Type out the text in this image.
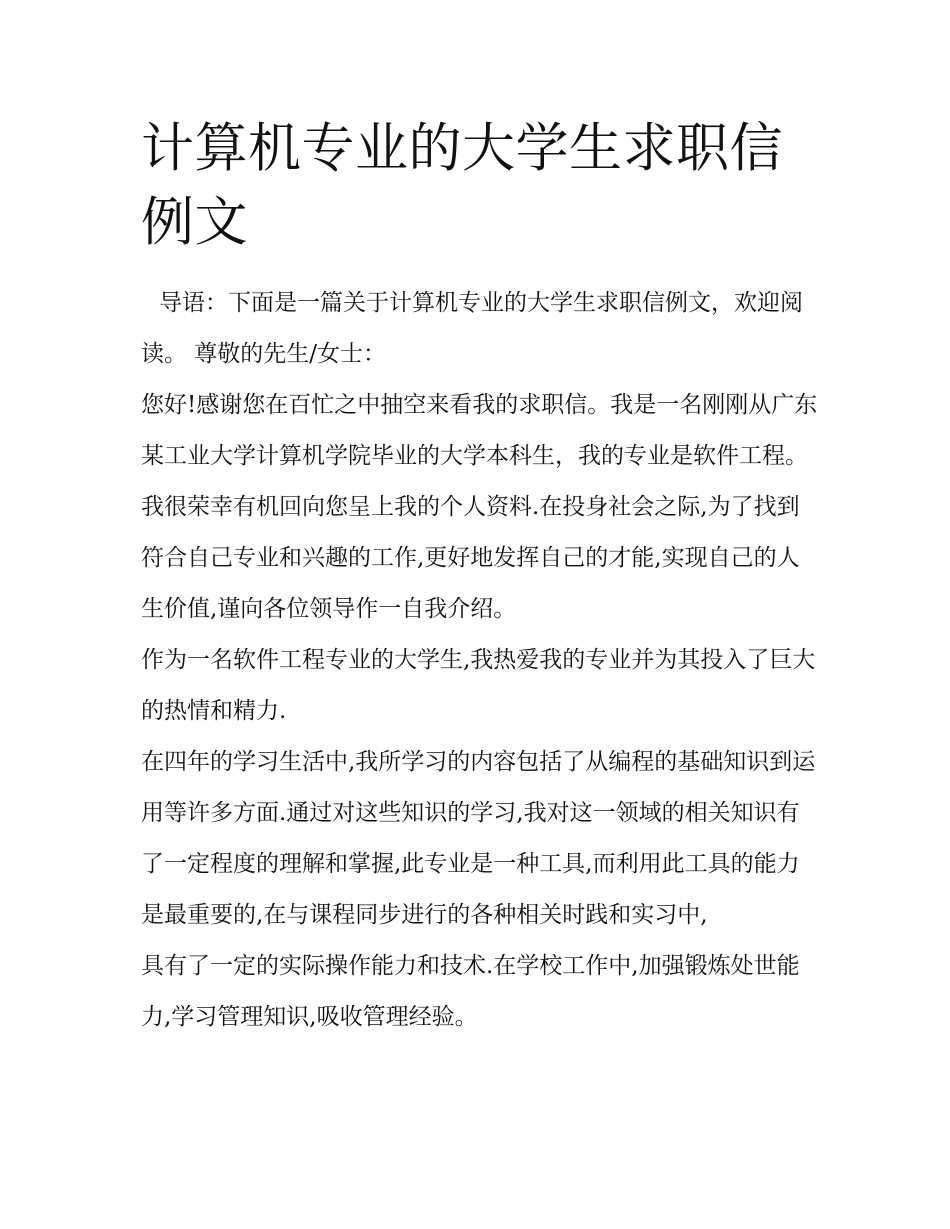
计算机专业的大学生求职信例文

导语：下面是一篇关于计算机专业的大学生求职信例文，欢迎阅读。 尊敬的先生/女士：

您好!感谢您在百忙之中抽空来看我的求职信。我是一名刚刚从广东某工业大学计算机学院毕业的大学本科生，我的专业是软件工程。我很荣幸有机回向您呈上我的个人资料.在投身社会之际,为了找到符合自己专业和兴趣的工作,更好地发挥自己的才能,实现自己的人生价值,谨向各位领导作一自我介绍。

作为一名软件工程专业的大学生,我热爱我的专业并为其投入了巨大的热情和精力.

在四年的学习生活中,我所学习的内容包括了从编程的基础知识到运用等许多方面.通过对这些知识的学习,我对这一领域的相关知识有了一定程度的理解和掌握,此专业是一种工具,而利用此工具的能力是最重要的,在与课程同步进行的各种相关时践和实习中,

具有了一定的实际操作能力和技术.在学校工作中,加强锻炼处世能力,学习管理知识,吸收管理经验。
